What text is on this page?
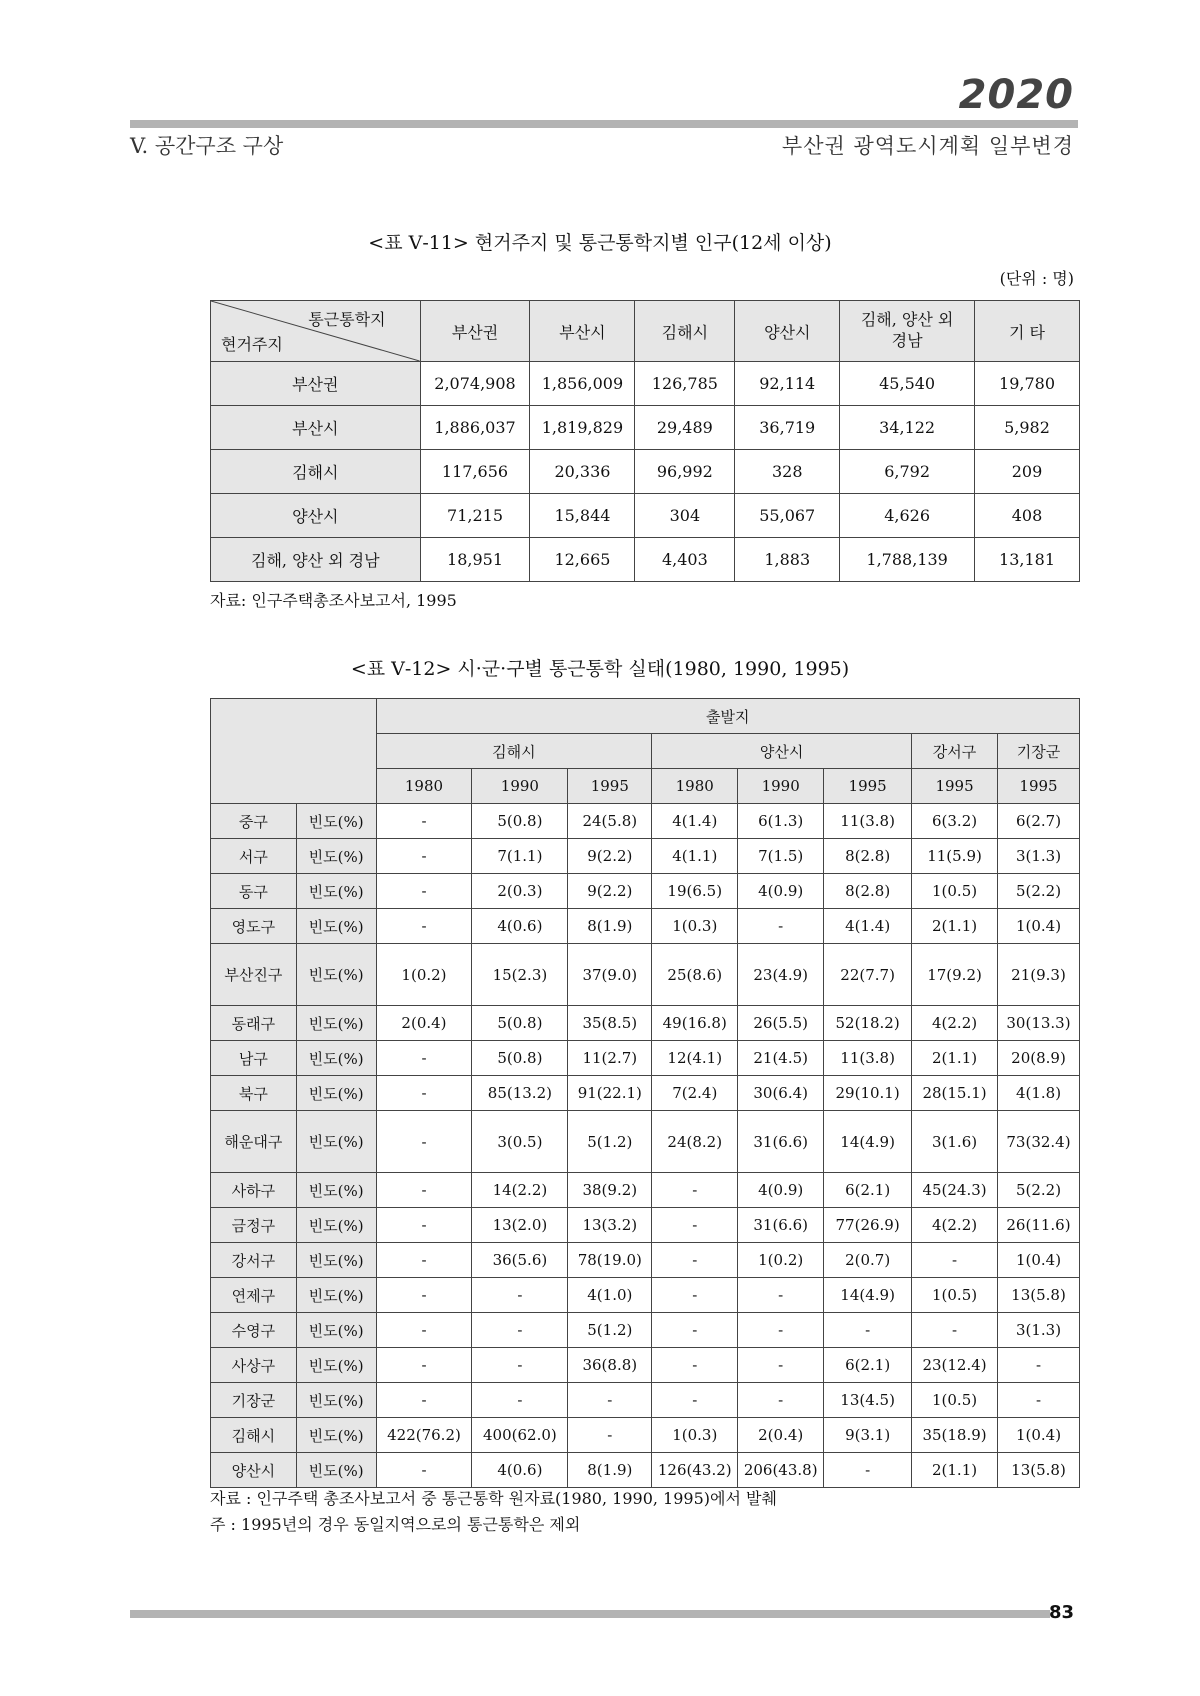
2020
V. 공간구조 구상	부산권 광역도시계획 일부변경
<표 Ⅴ-11> 현거주지 및 통근통학지별 인구(12세 이상)
(단위 : 명)
통근통학지
현거주지	부산권	부산시	김해시	양산시	김해, 양산 외 경남	기 타
부산권	2,074,908	1,856,009	126,785	92,114	45,540	19,780
부산시	1,886,037	1,819,829	29,489	36,719	34,122	5,982
김해시	117,656	20,336	96,992	328	6,792	209
양산시	71,215	15,844	304	55,067	4,626	408
김해, 양산 외 경남	18,951	12,665	4,403	1,883	1,788,139	13,181
자료: 인구주택총조사보고서, 1995
<표 Ⅴ-12> 시·군·구별 통근통학 실태(1980, 1990, 1995)
		출발지							
		김해시			양산시			강서구	기장군
		1980	1990	1995	1980	1990	1995	1995	1995
중구	빈도(%)	-	5(0.8)	24(5.8)	4(1.4)	6(1.3)	11(3.8)	6(3.2)	6(2.7)
서구	빈도(%)	-	7(1.1)	9(2.2)	4(1.1)	7(1.5)	8(2.8)	11(5.9)	3(1.3)
동구	빈도(%)	-	2(0.3)	9(2.2)	19(6.5)	4(0.9)	8(2.8)	1(0.5)	5(2.2)
영도구	빈도(%)	-	4(0.6)	8(1.9)	1(0.3)	-	4(1.4)	2(1.1)	1(0.4)
부산진구	빈도(%)	1(0.2)	15(2.3)	37(9.0)	25(8.6)	23(4.9)	22(7.7)	17(9.2)	21(9.3)
동래구	빈도(%)	2(0.4)	5(0.8)	35(8.5)	49(16.8)	26(5.5)	52(18.2)	4(2.2)	30(13.3)
남구	빈도(%)	-	5(0.8)	11(2.7)	12(4.1)	21(4.5)	11(3.8)	2(1.1)	20(8.9)
북구	빈도(%)	-	85(13.2)	91(22.1)	7(2.4)	30(6.4)	29(10.1)	28(15.1)	4(1.8)
해운대구	빈도(%)	-	3(0.5)	5(1.2)	24(8.2)	31(6.6)	14(4.9)	3(1.6)	73(32.4)
사하구	빈도(%)	-	14(2.2)	38(9.2)	-	4(0.9)	6(2.1)	45(24.3)	5(2.2)
금정구	빈도(%)	-	13(2.0)	13(3.2)	-	31(6.6)	77(26.9)	4(2.2)	26(11.6)
강서구	빈도(%)	-	36(5.6)	78(19.0)	-	1(0.2)	2(0.7)	-	1(0.4)
연제구	빈도(%)	-	-	4(1.0)	-	-	14(4.9)	1(0.5)	13(5.8)
수영구	빈도(%)	-	-	5(1.2)	-	-	-	-	3(1.3)
사상구	빈도(%)	-	-	36(8.8)	-	-	6(2.1)	23(12.4)	-
기장군	빈도(%)	-	-	-	-	-	13(4.5)	1(0.5)	-
김해시	빈도(%)	422(76.2)	400(62.0)	-	1(0.3)	2(0.4)	9(3.1)	35(18.9)	1(0.4)
양산시	빈도(%)	-	4(0.6)	8(1.9)	126(43.2)	206(43.8)	-	2(1.1)	13(5.8)
자료 : 인구주택 총조사보고서 중 통근통학 원자료(1980, 1990, 1995)에서 발췌
주 : 1995년의 경우 동일지역으로의 통근통학은 제외
83
